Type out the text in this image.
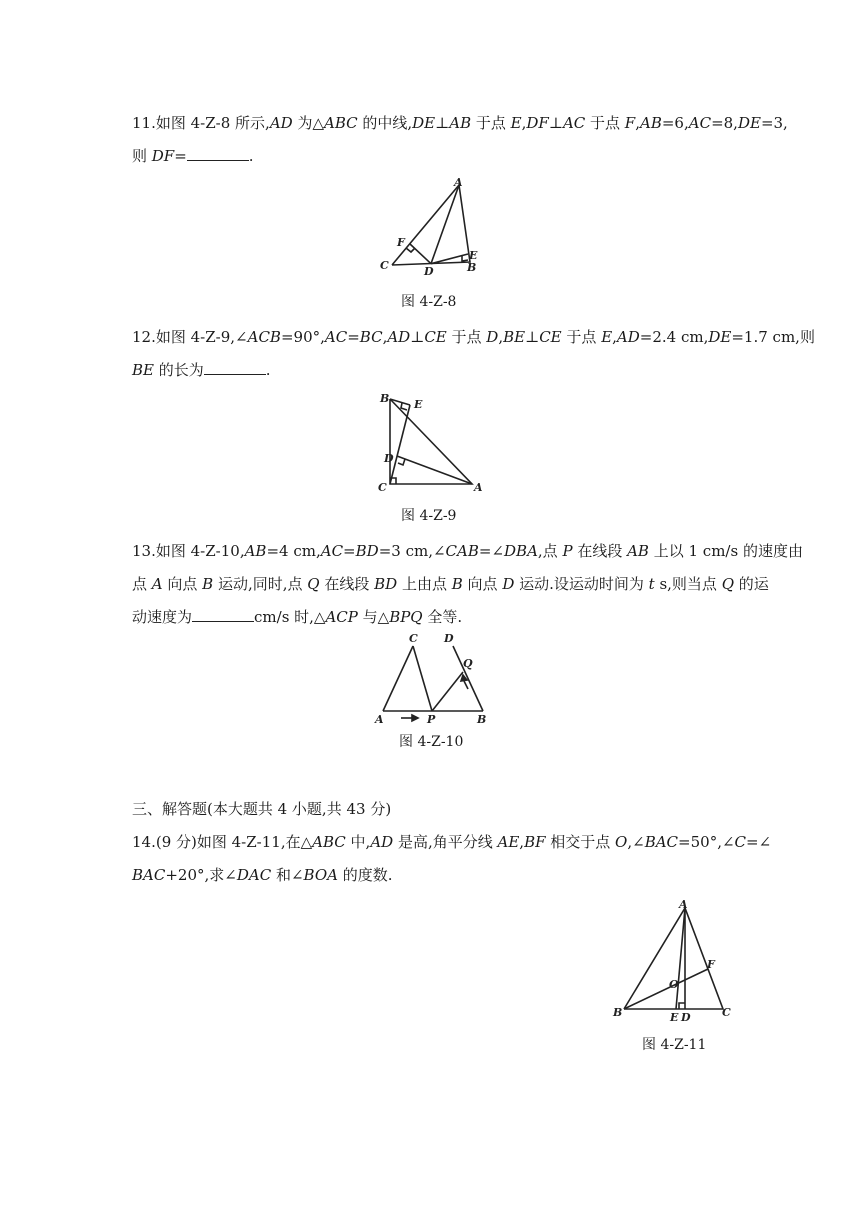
11.如图 4-Z-8 所示,AD 为△ABC 的中线,DE⊥AB 于点 E,DF⊥AC 于点 F,AB=6,AC=8,DE=3,
则 DF=	.
A
F
E
C	D	B
图 4-Z-8
12.如图 4-Z-9,∠ACB=90°,AC=BC,AD⊥CE 于点 D,BE⊥CE 于点 E,AD=2.4 cm,DE=1.7 cm,则
BE 的长为	.
B E
D
C	A
图 4-Z-9
13.如图 4-Z-10,AB=4 cm,AC=BD=3 cm,∠CAB=∠DBA,点 P 在线段 AB 上以 1 cm/s 的速度由
点 A 向点 B 运动,同时,点 Q 在线段 BD 上由点 B 向点 D 运动.设运动时间为 t s,则当点 Q 的运
动速度为	cm/s 时,△ACP 与△BPQ 全等.
C D
Q
A	P	B
图 4-Z-10
三、解答题(本大题共 4 小题,共 43 分)
14.(9 分)如图 4-Z-11,在△ABC 中,AD 是高,角平分线 AE,BF 相交于点 O,∠BAC=50°,∠C=∠
BAC+20°,求∠DAC 和∠BOA 的度数.
A
F
O
B	E D	C
图 4-Z-11
